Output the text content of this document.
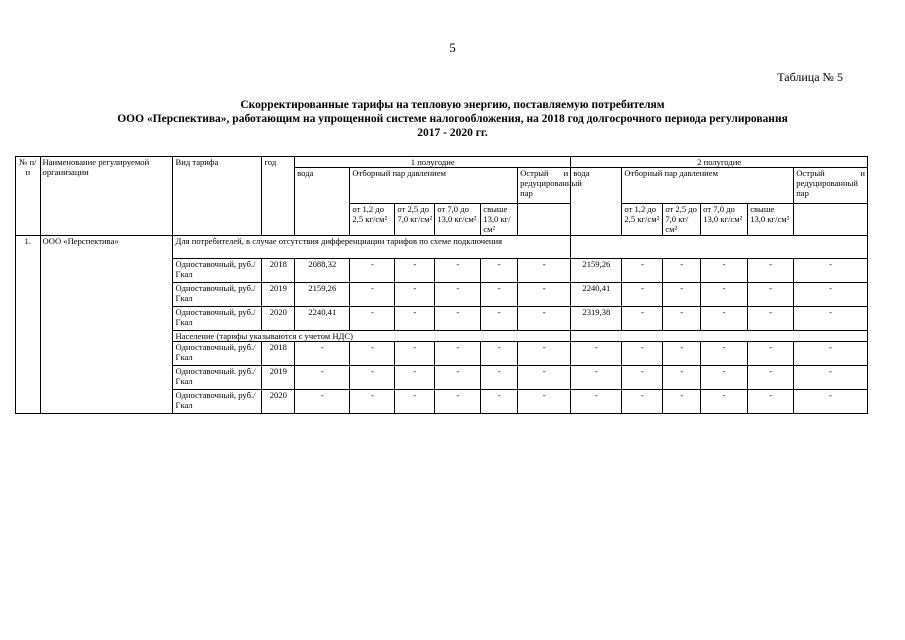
5
Таблица № 5
Скорректированные тарифы на тепловую энергию, поставляемую потребителям
ООО «Перспектива», работающим на упрощенной системе налогообложения, на 2018 год долгосрочного периода регулирования
2017 - 2020 гг.
№ п/п	Наименование регулируемой организации	Вид тарифа	год	1 полугодие						2 полугодие					
				вода	Отборный пар давлением				Острый и редуцированный пар	вода	Отборный пар давлением				Острый и редуцированный пар
					от 1,2 до 2,5 кг/см²	от 2,5 до 7,0 кг/см²	от 7,0 до 13,0 кг/см²	свыше 13,0 кг/см²			от 1,2 до 2,5 кг/см²	от 2,5 до 7,0 кг/см²	от 7,0 до 13,0 кг/см²	свыше 13,0 кг/см²	
1.	ООО «Перспектива»	Для потребителей, в случае отсутствия дифференциации тарифов по схеме подключения													
		Одноставочный, руб./Гкал	2018	2088,32	-	-	-	-	-	2159,26	-	-	-	-	-
		Одноставочный, руб./Гкал	2019	2159,26	-	-	-	-	-	2240,41	-	-	-	-	-
		Одноставочный, руб./Гкал	2020	2240,41	-	-	-	-	-	2319,38	-	-	-	-	-
		Население (тарифы указываются с учетом НДС)													
		Одноставочный, руб./Гкал	2018	-	-	-	-	-	-	-	-	-	-	-	-
		Одноставочный. руб./Гкал	2019	-	-	-	-	-	-	-	-	-	-	-	-
		Одноставочный, руб./Гкал	2020	-	-	-	-	-	-	-	-	-	-	-	-
